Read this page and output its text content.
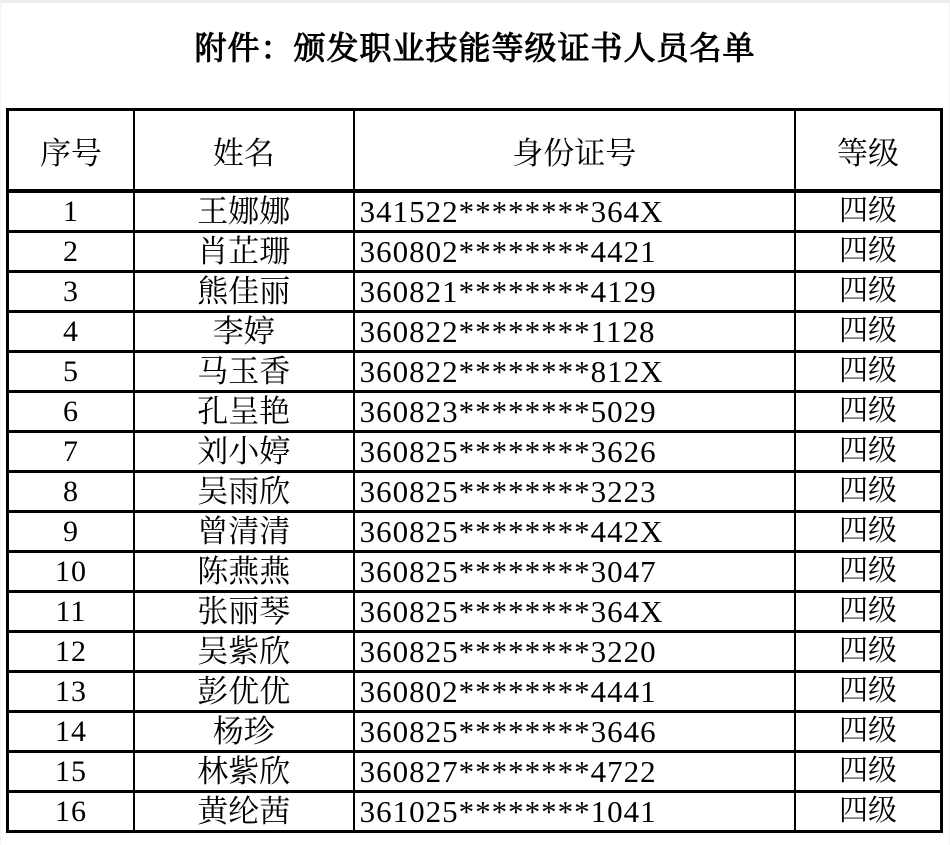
附件：颁发职业技能等级证书人员名单
序号	姓名	身份证号	等级
1	王娜娜	341522********364X	四级
2	肖芷珊	360802********4421	四级
3	熊佳丽	360821********4129	四级
4	李婷	360822********1128	四级
5	马玉香	360822********812X	四级
6	孔呈艳	360823********5029	四级
7	刘小婷	360825********3626	四级
8	吴雨欣	360825********3223	四级
9	曾清清	360825********442X	四级
10	陈燕燕	360825********3047	四级
11	张丽琴	360825********364X	四级
12	吴紫欣	360825********3220	四级
13	彭优优	360802********4441	四级
14	杨珍	360825********3646	四级
15	林紫欣	360827********4722	四级
16	黄纶茜	361025********1041	四级
